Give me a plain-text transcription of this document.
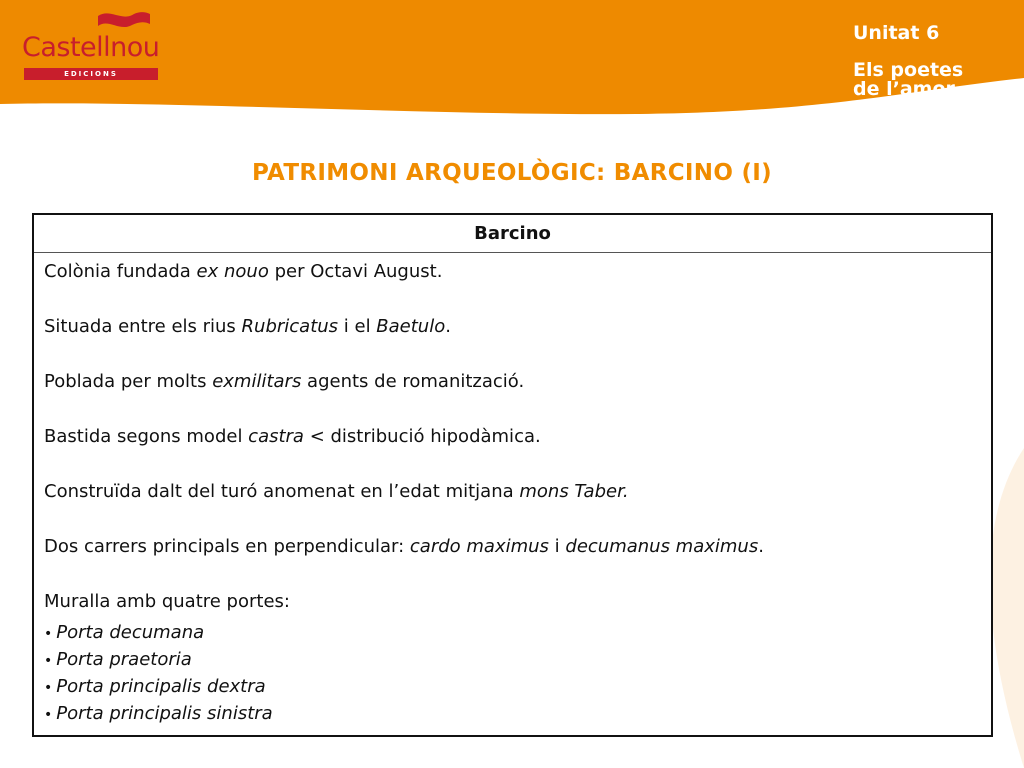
Castellnou
EDICIONS
Unitat 6
Els poetes de l’amor
PATRIMONI ARQUEOLÒGIC: BARCINO (I)
Barcino

Colònia fundada ex nouo per Octavi August.

Situada entre els rius Rubricatus i el Baetulo.

Poblada per molts exmilitars agents de romanització.

Bastida segons model castra < distribució hipodàmica.

Construïda dalt del turó anomenat en l’edat mitjana mons Taber.

Dos carrers principals en perpendicular: cardo maximus i decumanus maximus.

Muralla amb quatre portes:

• Porta decumana
• Porta praetoria
• Porta principalis dextra
• Porta principalis sinistra
